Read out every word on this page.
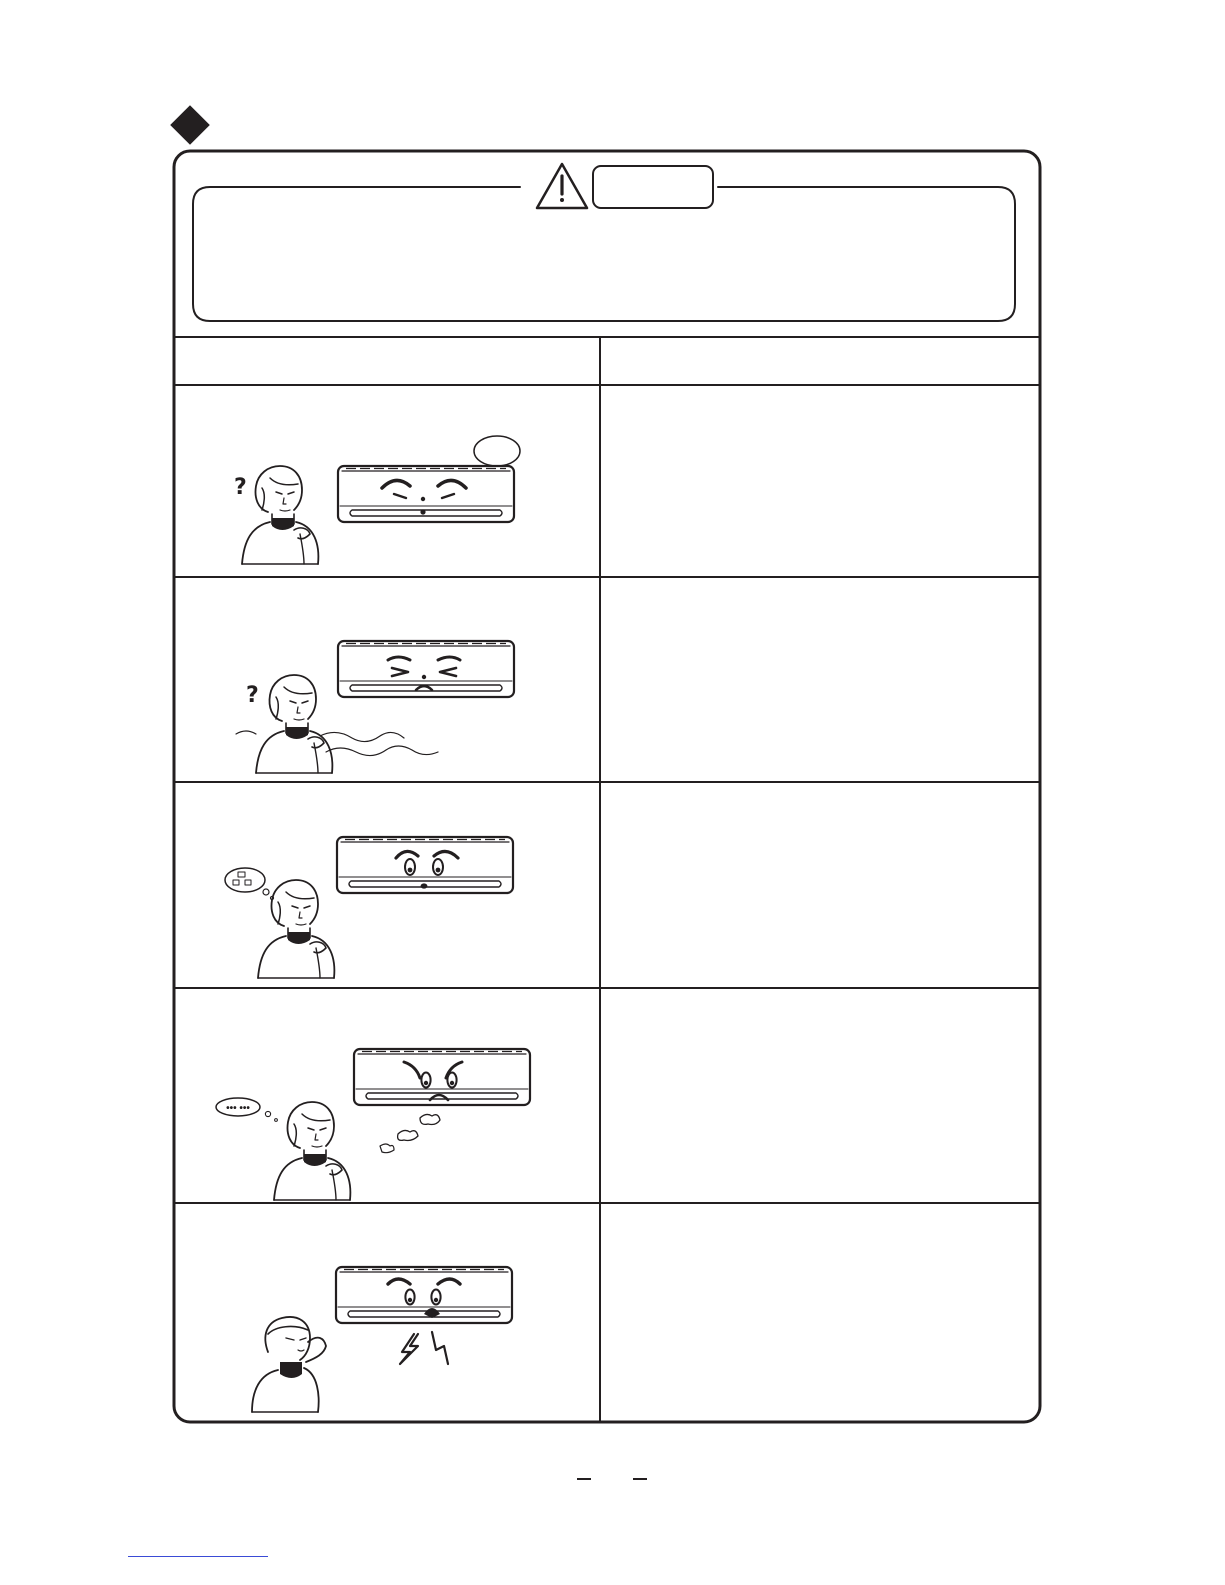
?
?
••• •••
